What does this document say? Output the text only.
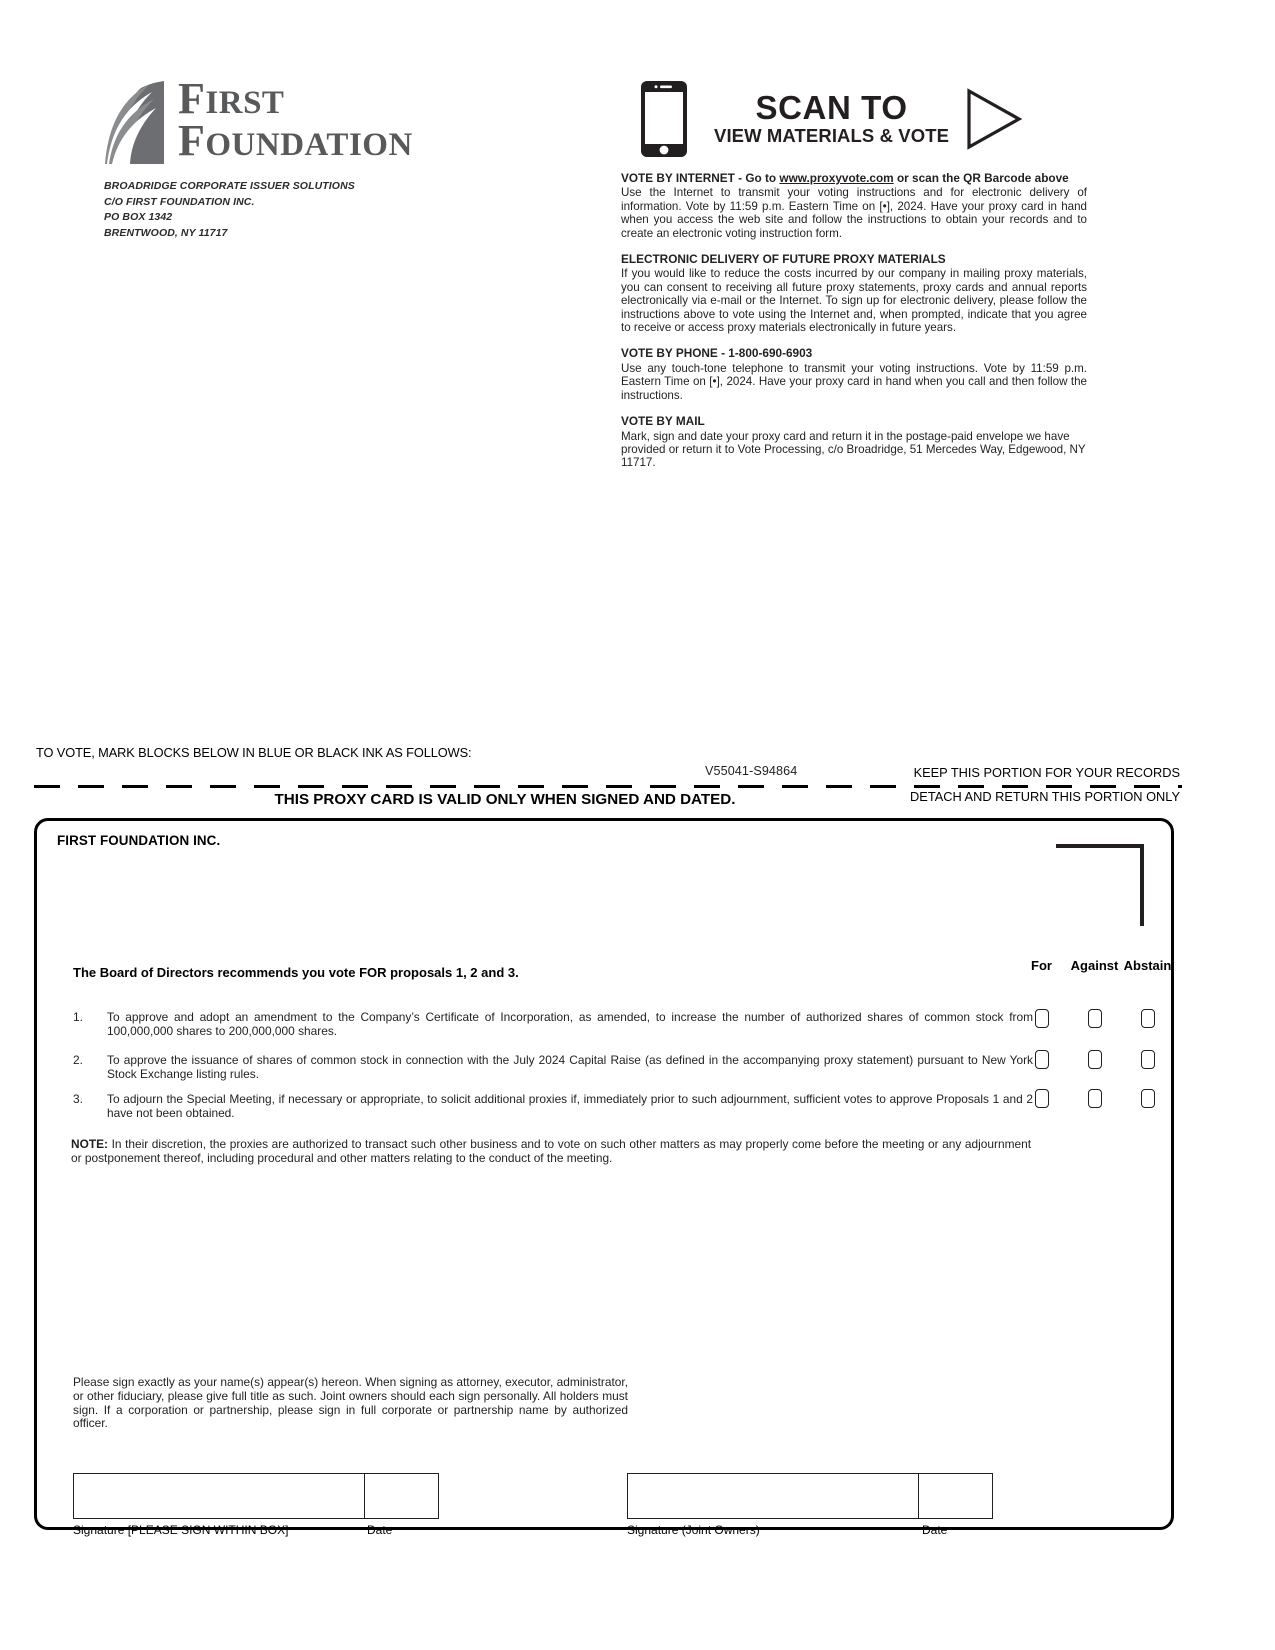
FIRST
FOUNDATION
BROADRIDGE CORPORATE ISSUER SOLUTIONS
C/O FIRST FOUNDATION INC.
PO BOX 1342
BRENTWOOD, NY 11717
SCAN TO
VIEW MATERIALS & VOTE
VOTE BY INTERNET - Go to www.proxyvote.com or scan the QR Barcode above
Use the Internet to transmit your voting instructions and for electronic delivery of information. Vote by 11:59 p.m. Eastern Time on [•], 2024. Have your proxy card in hand when you access the web site and follow the instructions to obtain your records and to create an electronic voting instruction form.
ELECTRONIC DELIVERY OF FUTURE PROXY MATERIALS
If you would like to reduce the costs incurred by our company in mailing proxy materials, you can consent to receiving all future proxy statements, proxy cards and annual reports electronically via e-mail or the Internet. To sign up for electronic delivery, please follow the instructions above to vote using the Internet and, when prompted, indicate that you agree to receive or access proxy materials electronically in future years.
VOTE BY PHONE - 1-800-690-6903
Use any touch-tone telephone to transmit your voting instructions. Vote by 11:59 p.m. Eastern Time on [•], 2024. Have your proxy card in hand when you call and then follow the instructions.
VOTE BY MAIL
Mark, sign and date your proxy card and return it in the postage-paid envelope we have provided or return it to Vote Processing, c/o Broadridge, 51 Mercedes Way, Edgewood, NY 11717.
TO VOTE, MARK BLOCKS BELOW IN BLUE OR BLACK INK AS FOLLOWS:
V55041-S94864	KEEP THIS PORTION FOR YOUR RECORDS
DETACH AND RETURN THIS PORTION ONLY
THIS PROXY CARD IS VALID ONLY WHEN SIGNED AND DATED.
FIRST FOUNDATION INC.
The Board of Directors recommends you vote FOR proposals 1, 2 and 3.	For	Against Abstain
1.	To approve and adopt an amendment to the Company’s Certificate of Incorporation, as amended, to increase the number of authorized shares of common stock from 100,000,000 shares to 200,000,000 shares.
2.	To approve the issuance of shares of common stock in connection with the July 2024 Capital Raise (as defined in the accompanying proxy statement) pursuant to New York Stock Exchange listing rules.
3.	To adjourn the Special Meeting, if necessary or appropriate, to solicit additional proxies if, immediately prior to such adjournment, sufficient votes to approve Proposals 1 and 2 have not been obtained.
NOTE: In their discretion, the proxies are authorized to transact such other business and to vote on such other matters as may properly come before the meeting or any adjournment or postponement thereof, including procedural and other matters relating to the conduct of the meeting.
Please sign exactly as your name(s) appear(s) hereon. When signing as attorney, executor, administrator, or other fiduciary, please give full title as such. Joint owners should each sign personally. All holders must sign. If a corporation or partnership, please sign in full corporate or partnership name by authorized officer.
Signature [PLEASE SIGN WITHIN BOX]	Date	Signature (Joint Owners)	Date
